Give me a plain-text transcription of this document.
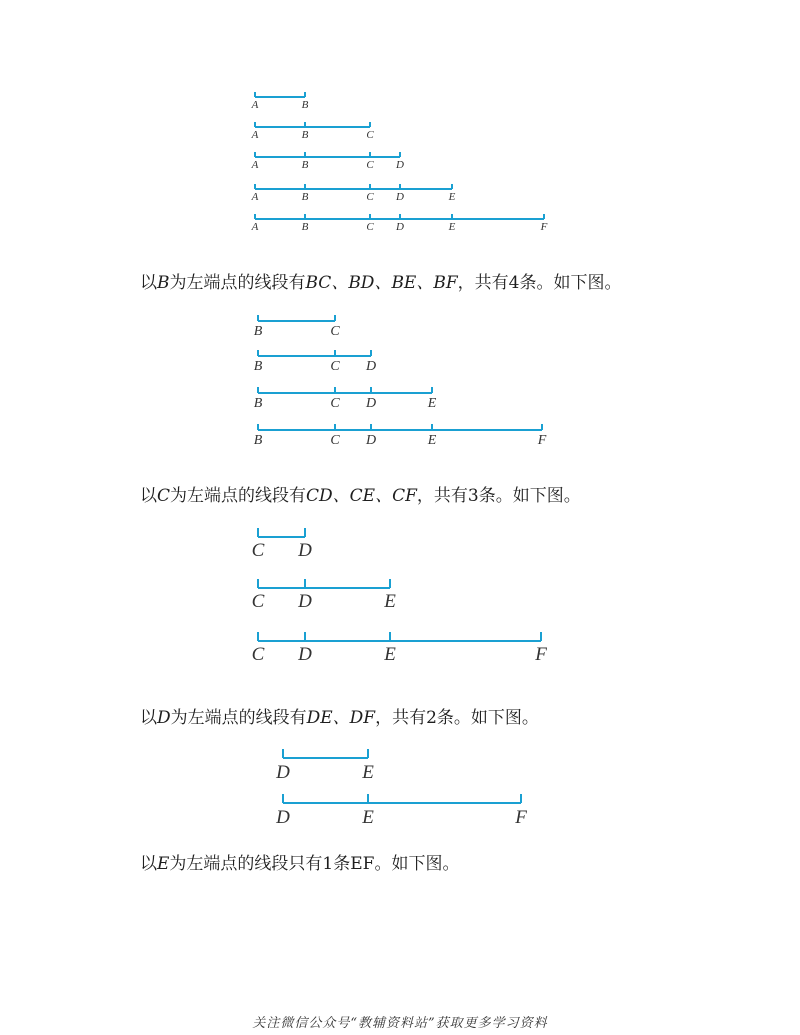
A	B
A	B	C
A	B	C D
A	B	C D	E
A	B	C D	E	F
B	C
B	C D
B	C D	E
B	C D	E	F
C D
C D	E
C D	E	F
D	E
D	E	F
以B为左端点的线段有BC、BD、BE、BF，共有4条。如下图。
以C为左端点的线段有CD、CE、CF，共有3条。如下图。
以D为左端点的线段有DE、DF，共有2条。如下图。
以E为左端点的线段只有1条EF。如下图。
关注微信公众号“教辅资料站”获取更多学习资料
